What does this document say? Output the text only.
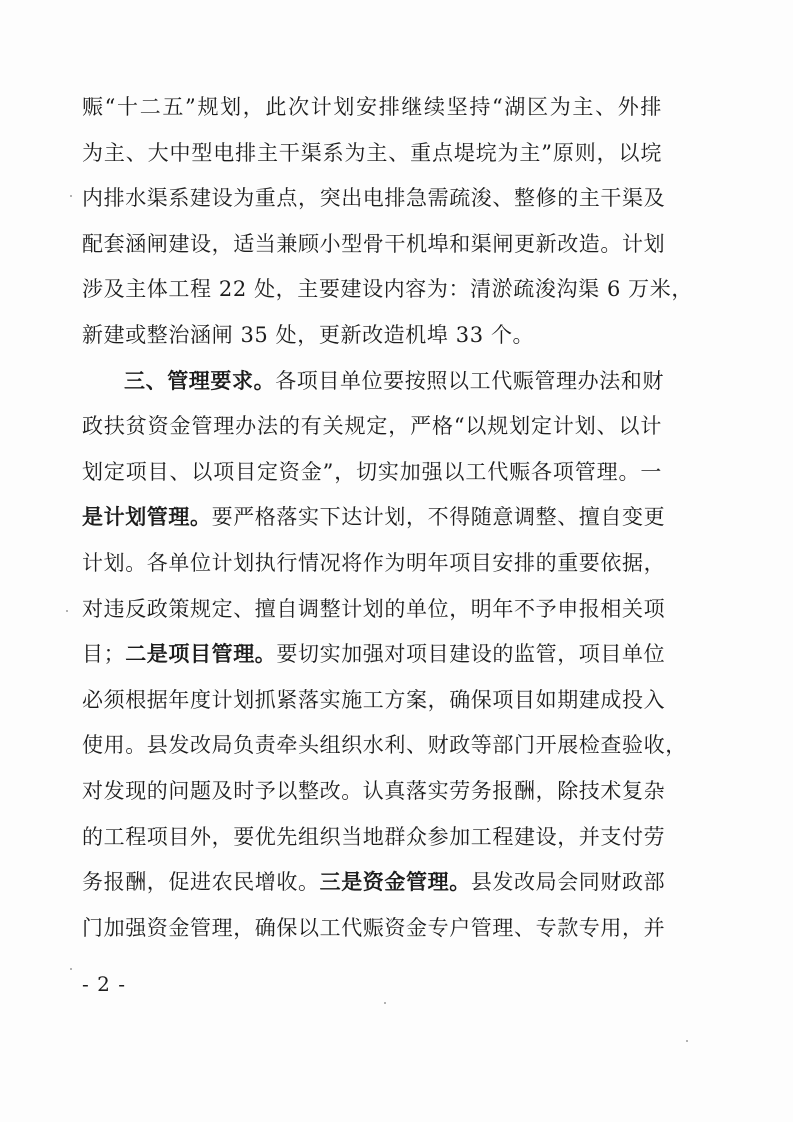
赈“十二五”规划，此次计划安排继续坚持“湖区为主、外排
为主、大中型电排主干渠系为主、重点堤垸为主”原则，以垸
内排水渠系建设为重点，突出电排急需疏浚、整修的主干渠及
配套涵闸建设，适当兼顾小型骨干机埠和渠闸更新改造。计划
涉及主体工程 22 处，主要建设内容为：清淤疏浚沟渠 6 万米，
新建或整治涵闸 35 处，更新改造机埠 33 个。
三、管理要求。各项目单位要按照以工代赈管理办法和财
政扶贫资金管理办法的有关规定，严格“以规划定计划、以计
划定项目、以项目定资金”，切实加强以工代赈各项管理。一
是计划管理。要严格落实下达计划，不得随意调整、擅自变更
计划。各单位计划执行情况将作为明年项目安排的重要依据，
对违反政策规定、擅自调整计划的单位，明年不予申报相关项
目；二是项目管理。要切实加强对项目建设的监管，项目单位
必须根据年度计划抓紧落实施工方案，确保项目如期建成投入
使用。县发改局负责牵头组织水利、财政等部门开展检查验收，
对发现的问题及时予以整改。认真落实劳务报酬，除技术复杂
的工程项目外，要优先组织当地群众参加工程建设，并支付劳
务报酬，促进农民增收。三是资金管理。县发改局会同财政部
门加强资金管理，确保以工代赈资金专户管理、专款专用，并
- 2 -
